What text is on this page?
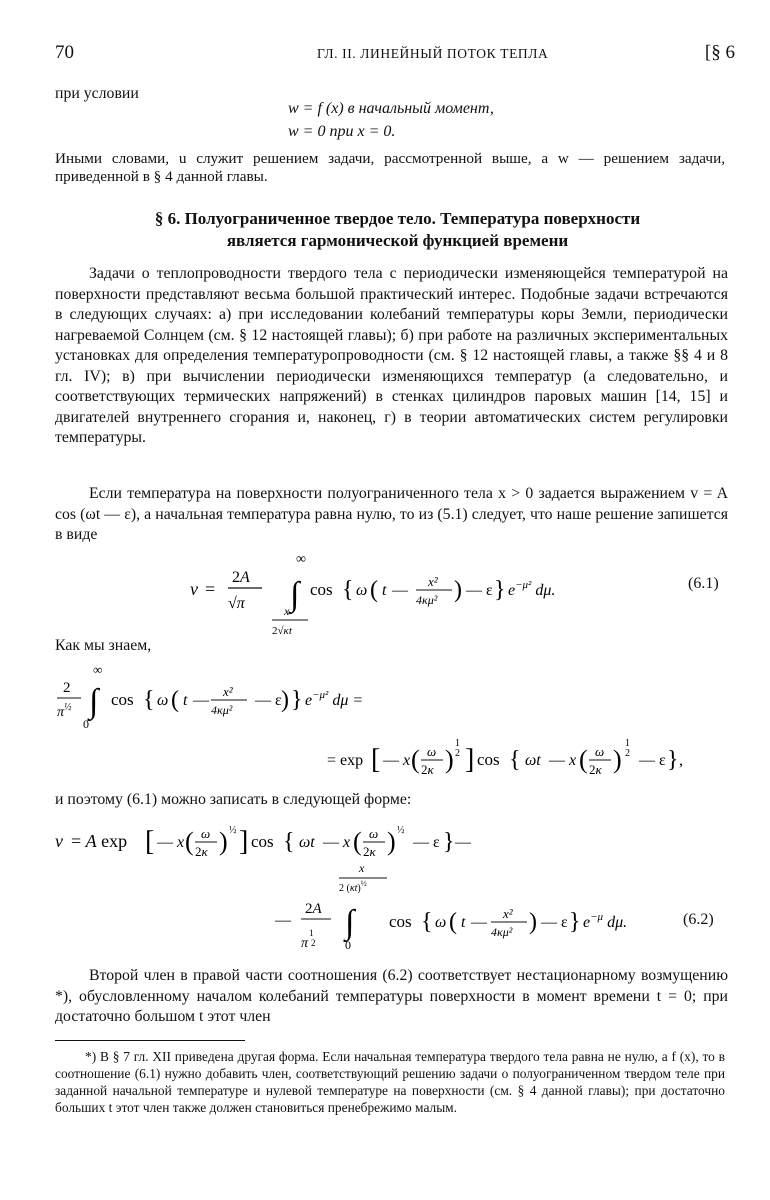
70	ГЛ. II. ЛИНЕЙНЫЙ ПОТОК ТЕПЛА	[§ 6
при условии
w = f (x) в начальный момент,
w = 0 при x = 0.
Иными словами, u служит решением задачи, рассмотренной выше, а w — решением задачи, приведенной в § 4 данной главы.
§ 6. Полуограниченное твердое тело. Температура поверхности
является гармонической функцией времени
Задачи о теплопроводности твердого тела с периодически изменяющейся температурой на поверхности представляют весьма большой практический интерес. Подобные задачи встречаются в следующих случаях: а) при исследовании колебаний температуры коры Земли, периодически нагреваемой Солнцем (см. § 12 настоящей главы); б) при работе на различных экспериментальных установках для определения температуропроводности (см. § 12 настоящей главы, а также §§ 4 и 8 гл. IV); в) при вычислении периодически изменяющихся температур (а следовательно, и соответствующих термических напряжений) в стенках цилиндров паровых машин [14, 15] и двигателей внутреннего сгорания и, наконец, г) в теории автоматических систем регулировки температуры.
Если температура на поверхности полуограниченного тела x > 0 задается выражением v = A cos (ωt — ε), а начальная температура равна нулю, то из (5.1) следует, что наше решение запишется в виде
v =
2A
√π
∞
∫
x
2√κt
cos { ω ( t —
x²
4κμ² ) — ε } $e^{-\mu^2}$ dμ.	(6.1)
Как мы знаем,
2
$\pi^{\frac{1}{2}}$
∞
∫
0
cos { ω ( t —
x²
4κμ²
— ε ) } $e^{-\mu^2}$ dμ =
= exp [ — x ( ω
2κ )
1
2 ] cos { ωt — x ( ω
2κ )
1
2 — ε } ,
и поэтому (6.1) можно записать в следующей форме:
v = A exp [ — x ( ω
2κ ) ½ ] cos { ωt — x ( ω
2κ ) ½
— ε } —
x
2 $(\kappa t)^{\frac{1}{2}}$
—
2A
1
π 2
∫
0
cos { ω ( t —
x²
4κμ² ) — ε } $e^{-\mu}$ dμ.	(6.2)
Второй член в правой части соотношения (6.2) соответствует нестационарному возмущению *), обусловленному началом колебаний температуры поверхности в момент времени t = 0; при достаточно большом t этот член
*) В § 7 гл. XII приведена другая форма. Если начальная температура твердого тела равна не нулю, а f (x), то в соотношение (6.1) нужно добавить член, соответствующий решению задачи о полуограниченном твердом теле при заданной начальной температуре и нулевой температуре на поверхности (см. § 4 данной главы); при достаточно больших t этот член также должен становиться пренебрежимо малым.
